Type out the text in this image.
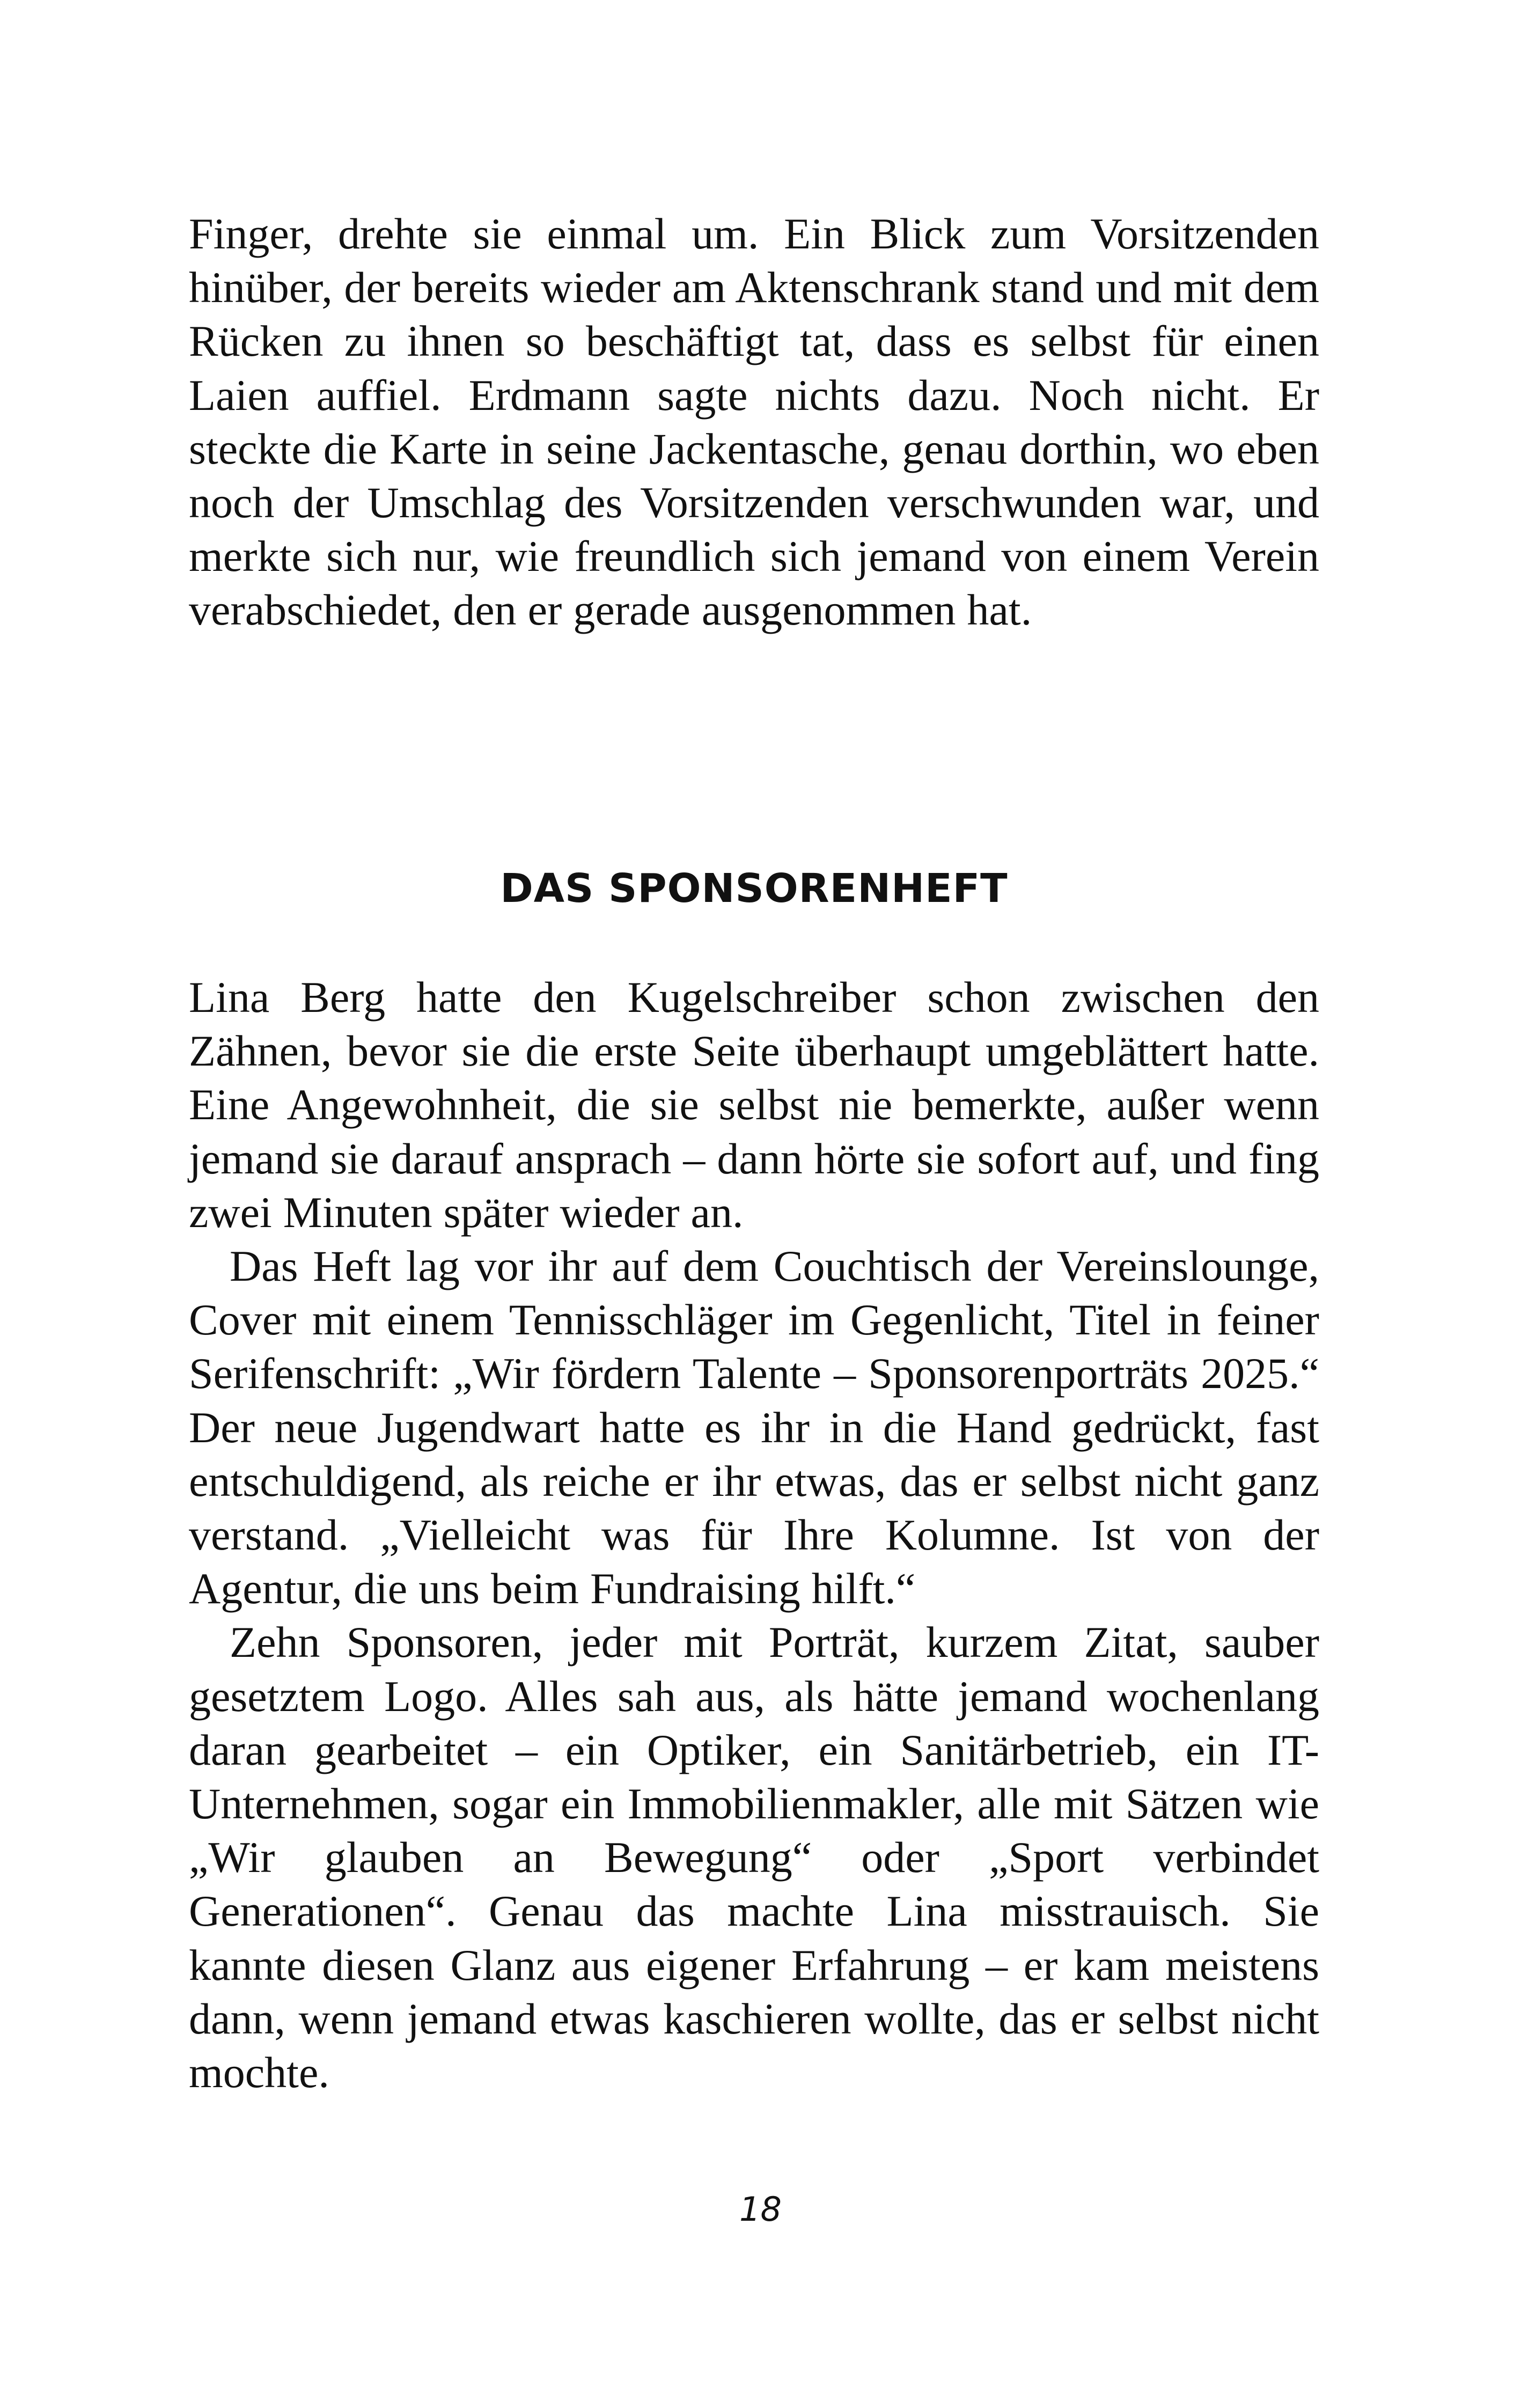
Finger, drehte sie einmal um. Ein Blick zum Vorsitzenden hinüber, der bereits wieder am Aktenschrank stand und mit dem Rücken zu ihnen so beschäftigt tat, dass es selbst für einen Laien auffiel. Erdmann sagte nichts dazu. Noch nicht. Er steckte die Karte in seine Jackentasche, genau dorthin, wo eben noch der Umschlag des Vorsitzenden verschwunden war, und merkte sich nur, wie freundlich sich jemand von einem Verein verabschiedet, den er gerade ausgenommen hat.

DAS SPONSORENHEFT

Lina Berg hatte den Kugelschreiber schon zwischen den Zähnen, bevor sie die erste Seite überhaupt umgeblättert hatte. Eine Angewohnheit, die sie selbst nie bemerkte, außer wenn jemand sie darauf ansprach – dann hörte sie sofort auf, und fing zwei Minuten später wieder an.

Das Heft lag vor ihr auf dem Couchtisch der Vereinslounge, Cover mit einem Tennisschläger im Gegenlicht, Titel in feiner Serifenschrift: „Wir fördern Talente – Sponsorenporträts 2025.“ Der neue Jugendwart hatte es ihr in die Hand gedrückt, fast entschuldigend, als reiche er ihr etwas, das er selbst nicht ganz verstand. „Vielleicht was für Ihre Kolumne. Ist von der Agentur, die uns beim Fundraising hilft.“

Zehn Sponsoren, jeder mit Porträt, kurzem Zitat, sauber gesetztem Logo. Alles sah aus, als hätte jemand wochenlang daran gearbeitet – ein Optiker, ein Sanitärbetrieb, ein IT-Unternehmen, sogar ein Immobilienmakler, alle mit Sätzen wie „Wir glauben an Bewegung“ oder „Sport verbindet Generationen“. Genau das machte Lina misstrauisch. Sie kannte diesen Glanz aus eigener Erfahrung – er kam meistens dann, wenn jemand etwas kaschieren wollte, das er selbst nicht mochte.

18
